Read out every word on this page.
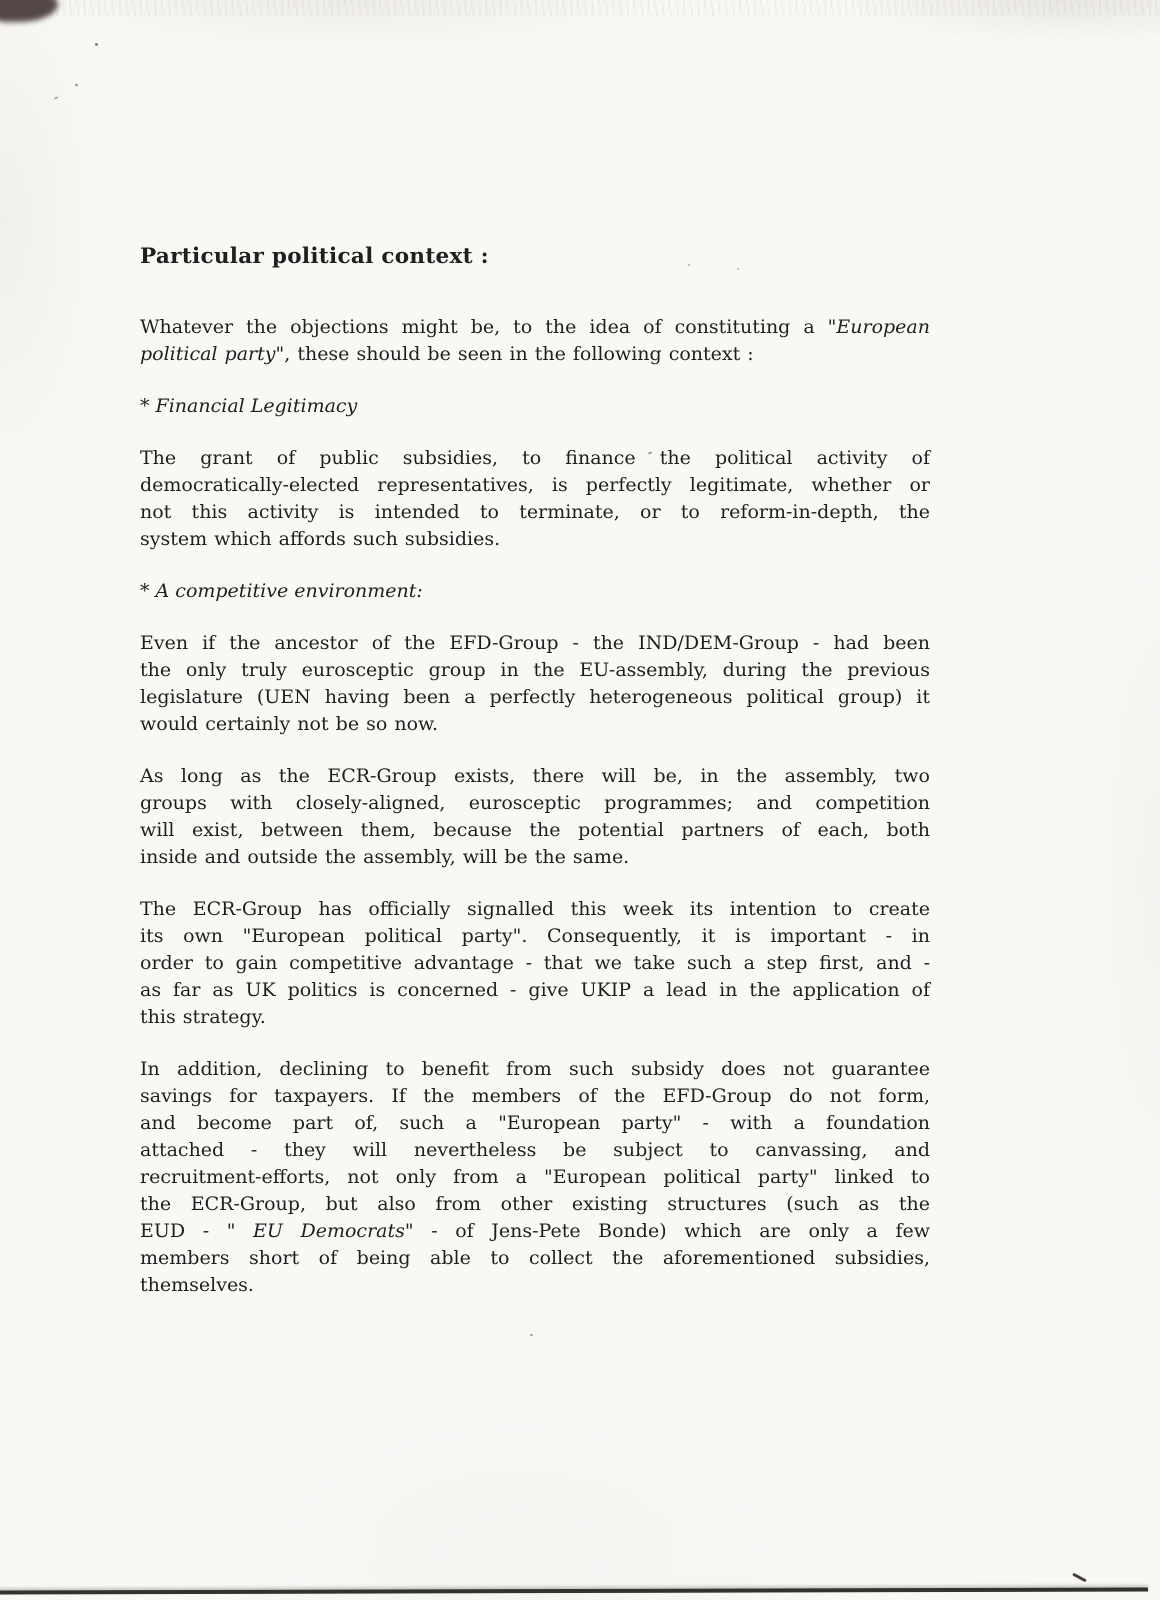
Particular political context :
Whatever the objections might be, to the idea of constituting a "European
political party", these should be seen in the following context :
* Financial Legitimacy
The grant of public subsidies, to finance the political activity of
democratically-elected representatives, is perfectly legitimate, whether or
not this activity is intended to terminate, or to reform-in-depth, the
system which affords such subsidies.
* A competitive environment:
Even if the ancestor of the EFD-Group - the IND/DEM-Group - had been
the only truly eurosceptic group in the EU-assembly, during the previous
legislature (UEN having been a perfectly heterogeneous political group) it
would certainly not be so now.
As long as the ECR-Group exists, there will be, in the assembly, two
groups with closely-aligned, eurosceptic programmes; and competition
will exist, between them, because the potential partners of each, both
inside and outside the assembly, will be the same.
The ECR-Group has officially signalled this week its intention to create
its own "European political party". Consequently, it is important - in
order to gain competitive advantage - that we take such a step first, and -
as far as UK politics is concerned - give UKIP a lead in the application of
this strategy.
In addition, declining to benefit from such subsidy does not guarantee
savings for taxpayers. If the members of the EFD-Group do not form,
and become part of, such a "European party" - with a foundation
attached - they will nevertheless be subject to canvassing, and
recruitment-efforts, not only from a "European political party" linked to
the ECR-Group, but also from other existing structures (such as the
EUD - " EU Democrats" - of Jens-Pete Bonde) which are only a few
members short of being able to collect the aforementioned subsidies,
themselves.
